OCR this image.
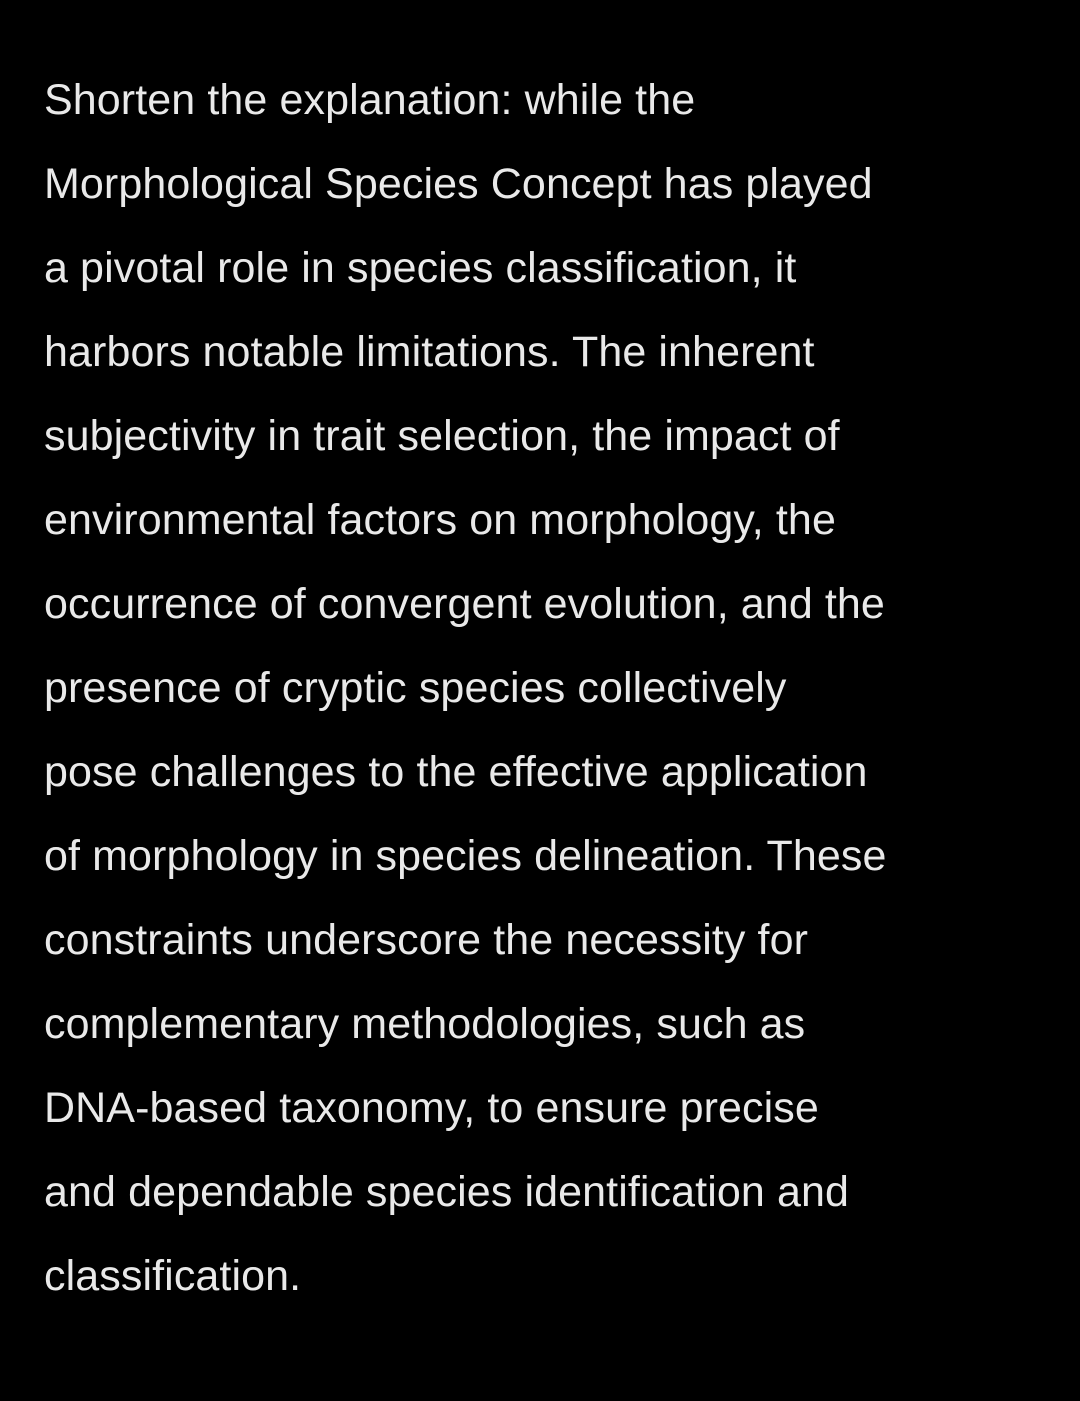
Shorten the explanation: while the
Morphological Species Concept has played
a pivotal role in species classification, it
harbors notable limitations. The inherent
subjectivity in trait selection, the impact of
environmental factors on morphology, the
occurrence of convergent evolution, and the
presence of cryptic species collectively
pose challenges to the effective application
of morphology in species delineation. These
constraints underscore the necessity for
complementary methodologies, such as
DNA-based taxonomy, to ensure precise
and dependable species identification and
classification.
